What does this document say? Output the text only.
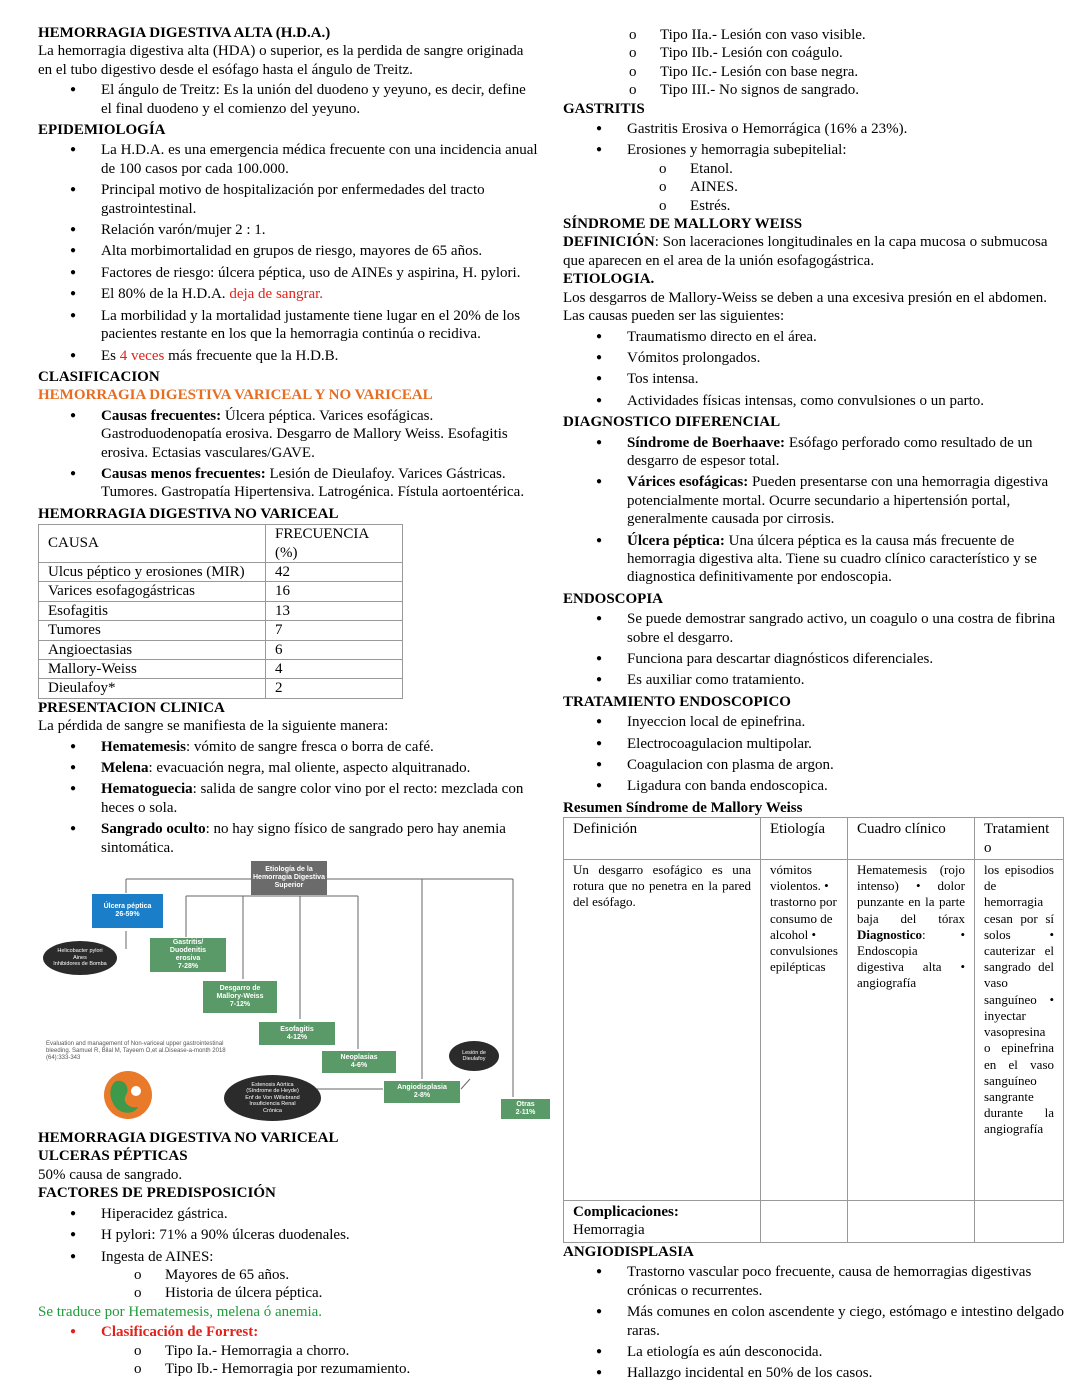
HEMORRAGIA DIGESTIVA ALTA (H.D.A.)

La hemorragia digestiva alta (HDA) o superior, es la perdida de sangre originada en el tubo digestivo desde el esófago hasta el ángulo de Treitz.

● El ángulo de Treitz: Es la unión del duodeno y yeyuno, es decir, define el final duodeno y el comienzo del yeyuno.

EPIDEMIOLOGÍA

● La H.D.A. es una emergencia médica frecuente con una incidencia anual de 100 casos por cada 100.000.
● Principal motivo de hospitalización por enfermedades del tracto gastrointestinal.
● Relación varón/mujer 2 : 1.
● Alta morbimortalidad en grupos de riesgo, mayores de 65 años.
● Factores de riesgo: úlcera péptica, uso de AINEs y aspirina, H. pylori.
● El 80% de la H.D.A. deja de sangrar.
● La morbilidad y la mortalidad justamente tiene lugar en el 20% de los pacientes restante en los que la hemorragia continúa o recidiva.
● Es 4 veces más frecuente que la H.D.B.

CLASIFICACION

HEMORRAGIA DIGESTIVA VARICEAL Y NO VARICEAL

● Causas frecuentes: Úlcera péptica. Varices esofágicas. Gastroduodenopatía erosiva. Desgarro de Mallory Weiss. Esofagitis erosiva. Ectasias vasculares/GAVE.
● Causas menos frecuentes: Lesión de Dieulafoy. Varices Gástricas. Tumores. Gastropatía Hipertensiva. Latrogénica. Fístula aortoentérica.

HEMORRAGIA DIGESTIVA NO VARICEAL

CAUSA	FRECUENCIA (%)
Ulcus péptico y erosiones (MIR)	42
Varices esofagogástricas	16
Esofagitis	13
Tumores	7
Angioectasias	6
Mallory-Weiss	4
Dieulafoy*	2

PRESENTACION CLINICA

La pérdida de sangre se manifiesta de la siguiente manera:

● Hematemesis: vómito de sangre fresca o borra de café.
● Melena: evacuación negra, mal oliente, aspecto alquitranado.
● Hematoguecia: salida de sangre color vino por el recto: mezclada con heces o sola.
● Sangrado oculto: no hay signo físico de sangrado pero hay anemia sintomática.
Etiología de la Hemorragia Digestiva Superior
Úlcera péptica
26-59%
Gastritis/
Duodenitis
erosiva
7-28%
Desgarro de
Mallory-Weiss
7-12%
Esofagitis
4-12%
Neoplasias
4-6%
Angiodisplasia
2-8%
Otras
2-11%
Helicobacter pylori
Aines
Inhibidores de Bomba
Lesión de
Dieulafoy
Estenosis Aórtica
(Síndrome de Heyde)
Enf de Von Willebrand
Insuficiencia Renal
Crónica
Evaluation and management of Non-variceal upper gastrointestinal bleeding. Samuel R, Bilal M, Tayeem O,et al.Disease-a-month 2018 (64):333-343

HEMORRAGIA DIGESTIVA NO VARICEAL

ULCERAS PÉPTICAS

50% causa de sangrado.

FACTORES DE PREDISPOSICIÓN

● Hiperacidez gástrica.
● H pylori: 71% a 90% úlceras duodenales.
● Ingesta de AINES:
o Mayores de 65 años.
o Historia de úlcera péptica.

Se traduce por Hematemesis, melena ó anemia.

● Clasificación de Forrest:
o Tipo Ia.- Hemorragia a chorro.
o Tipo Ib.- Hemorragia por rezumamiento.
o Tipo IIa.- Lesión con vaso visible.
o Tipo IIb.- Lesión con coágulo.
o Tipo IIc.- Lesión con base negra.
o Tipo III.- No signos de sangrado.

GASTRITIS

● Gastritis Erosiva o Hemorrágica (16% a 23%).
● Erosiones y hemorragia subepitelial:
o Etanol.
o AINES.
o Estrés.

SÍNDROME DE MALLORY WEISS

DEFINICIÓN: Son laceraciones longitudinales en la capa mucosa o submucosa que aparecen en el area de la unión esofagogástrica.

ETIOLOGIA.

Los desgarros de Mallory-Weiss se deben a una excesiva presión en el abdomen. Las causas pueden ser las siguientes:

● Traumatismo directo en el área.
● Vómitos prolongados.
● Tos intensa.
● Actividades físicas intensas, como convulsiones o un parto.

DIAGNOSTICO DIFERENCIAL

● Síndrome de Boerhaave: Esófago perforado como resultado de un desgarro de espesor total.
● Várices esofágicas: Pueden presentarse con una hemorragia digestiva potencialmente mortal. Ocurre secundario a hipertensión portal, generalmente causada por cirrosis.
● Úlcera péptica: Una úlcera péptica es la causa más frecuente de hemorragia digestiva alta. Tiene su cuadro clínico característico y se diagnostica definitivamente por endoscopia.

ENDOSCOPIA

● Se puede demostrar sangrado activo, un coagulo o una costra de fibrina sobre el desgarro.
● Funciona para descartar diagnósticos diferenciales.
● Es auxiliar como tratamiento.

TRATAMIENTO ENDOSCOPICO

● Inyeccion local de epinefrina.
● Electrocoagulacion multipolar.
● Coagulacion con plasma de argon.
● Ligadura con banda endoscopica.

Resumen Síndrome de Mallory Weiss

Definición	Etiología	Cuadro clínico	Tratamiento
Un desgarro esofágico es una rotura que no penetra en la pared del esófago.	vómitos violentos. • trastorno por consumo de alcohol • convulsiones epilépticas	Hematemesis (rojo intenso) • dolor punzante en la parte baja del tórax Diagnostico: • Endoscopia digestiva alta • angiografía	los episodios de hemorragia cesan por sí solos • cauterizar el sangrado del vaso sanguíneo • inyectar vasopresina o epinefrina en el vaso sanguíneo sangrante durante la angiografía
Complicaciones: Hemorragia			

ANGIODISPLASIA

● Trastorno vascular poco frecuente, causa de hemorragias digestivas crónicas o recurrentes.
● Más comunes en colon ascendente y ciego, estómago e intestino delgado raras.
● La etiología es aún desconocida.
● Hallazgo incidental en 50% de los casos.
